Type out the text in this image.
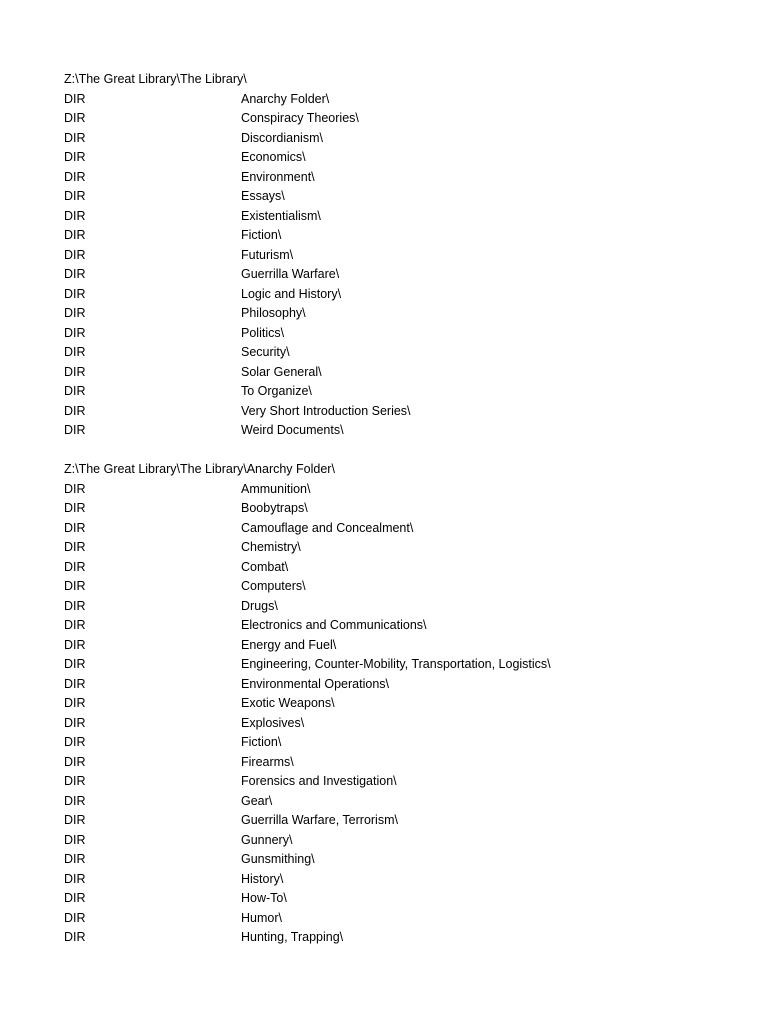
Z:\The Great Library\The Library\
DIR	Anarchy Folder\
DIR	Conspiracy Theories\
DIR	Discordianism\
DIR	Economics\
DIR	Environment\
DIR	Essays\
DIR	Existentialism\
DIR	Fiction\
DIR	Futurism\
DIR	Guerrilla Warfare\
DIR	Logic and History\
DIR	Philosophy\
DIR	Politics\
DIR	Security\
DIR	Solar General\
DIR	To Organize\
DIR	Very Short Introduction Series\
DIR	Weird Documents\
Z:\The Great Library\The Library\Anarchy Folder\
DIR	Ammunition\
DIR	Boobytraps\
DIR	Camouflage and Concealment\
DIR	Chemistry\
DIR	Combat\
DIR	Computers\
DIR	Drugs\
DIR	Electronics and Communications\
DIR	Energy and Fuel\
DIR	Engineering, Counter-Mobility, Transportation, Logistics\
DIR	Environmental Operations\
DIR	Exotic Weapons\
DIR	Explosives\
DIR	Fiction\
DIR	Firearms\
DIR	Forensics and Investigation\
DIR	Gear\
DIR	Guerrilla Warfare, Terrorism\
DIR	Gunnery\
DIR	Gunsmithing\
DIR	History\
DIR	How-To\
DIR	Humor\
DIR	Hunting, Trapping\
